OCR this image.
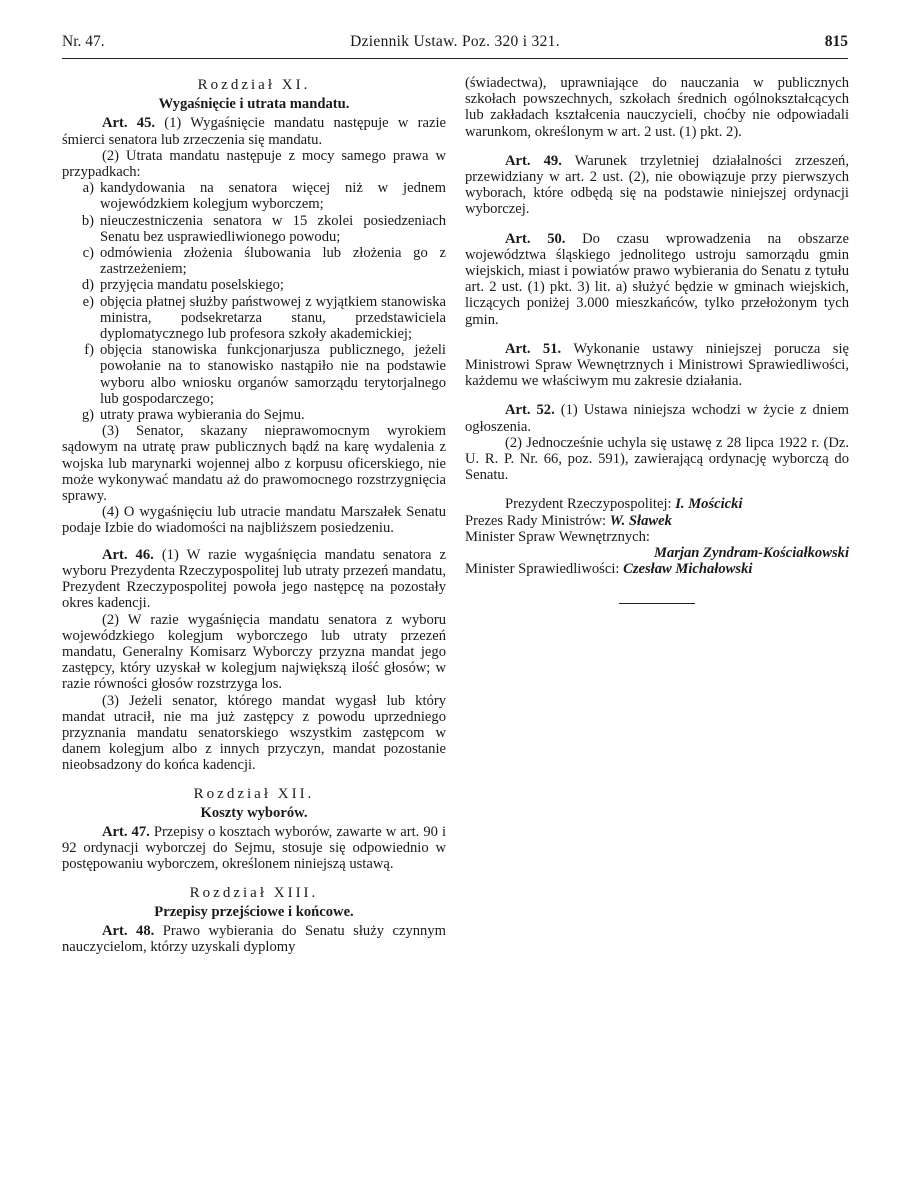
Nr. 47.	Dziennik Ustaw. Poz. 320 i 321.	815

Rozdział XI.

Wygaśnięcie i utrata mandatu.

Art. 45. (1) Wygaśnięcie mandatu następuje w razie śmierci senatora lub zrzeczenia się mandatu.

(2) Utrata mandatu następuje z mocy samego prawa w przypadkach:

a) kandydowania na senatora więcej niż w jednem wojewódzkiem kolegjum wyborczem;
b) nieuczestniczenia senatora w 15 zkolei posiedzeniach Senatu bez usprawiedliwionego powodu;
c) odmówienia złożenia ślubowania lub złożenia go z zastrzeżeniem;
d) przyjęcia mandatu poselskiego;
e) objęcia płatnej służby państwowej z wyjątkiem stanowiska ministra, podsekretarza stanu, przedstawiciela dyplomatycznego lub profesora szkoły akademickiej;
f) objęcia stanowiska funkcjonarjusza publicznego, jeżeli powołanie na to stanowisko nastąpiło nie na podstawie wyboru albo wniosku organów samorządu terytorjalnego lub gospodarczego;
g) utraty prawa wybierania do Sejmu.

(3) Senator, skazany nieprawomocnym wyrokiem sądowym na utratę praw publicznych bądź na karę wydalenia z wojska lub marynarki wojennej albo z korpusu oficerskiego, nie może wykonywać mandatu aż do prawomocnego rozstrzygnięcia sprawy.

(4) O wygaśnięciu lub utracie mandatu Marszałek Senatu podaje Izbie do wiadomości na najbliższem posiedzeniu.

Art. 46. (1) W razie wygaśnięcia mandatu senatora z wyboru Prezydenta Rzeczypospolitej lub utraty przezeń mandatu, Prezydent Rzeczypospolitej powoła jego następcę na pozostały okres kadencji.

(2) W razie wygaśnięcia mandatu senatora z wyboru wojewódzkiego kolegjum wyborczego lub utraty przezeń mandatu, Generalny Komisarz Wyborczy przyzna mandat jego zastępcy, który uzyskał w kolegjum największą ilość głosów; w razie równości głosów rozstrzyga los.

(3) Jeżeli senator, którego mandat wygasł lub który mandat utracił, nie ma już zastępcy z powodu uprzedniego przyznania mandatu senatorskiego wszystkim zastępcom w danem kolegjum albo z innych przyczyn, mandat pozostanie nieobsadzony do końca kadencji.

Rozdział XII.

Koszty wyborów.

Art. 47. Przepisy o kosztach wyborów, zawarte w art. 90 i 92 ordynacji wyborczej do Sejmu, stosuje się odpowiednio w postępowaniu wyborczem, określonem niniejszą ustawą.

Rozdział XIII.

Przepisy przejściowe i końcowe.

Art. 48. Prawo wybierania do Senatu służy czynnym nauczycielom, którzy uzyskali dyplomy

(świadectwa), uprawniające do nauczania w publicznych szkołach powszechnych, szkołach średnich ogólnokształcących lub zakładach kształcenia nauczycieli, choćby nie odpowiadali warunkom, określonym w art. 2 ust. (1) pkt. 2).

Art. 49. Warunek trzyletniej działalności zrzeszeń, przewidziany w art. 2 ust. (2), nie obowiązuje przy pierwszych wyborach, które odbędą się na podstawie niniejszej ordynacji wyborczej.

Art. 50. Do czasu wprowadzenia na obszarze województwa śląskiego jednolitego ustroju samorządu gmin wiejskich, miast i powiatów prawo wybierania do Senatu z tytułu art. 2 ust. (1) pkt. 3) lit. a) służyć będzie w gminach wiejskich, liczących poniżej 3.000 mieszkańców, tylko przełożonym tych gmin.

Art. 51. Wykonanie ustawy niniejszej porucza się Ministrowi Spraw Wewnętrznych i Ministrowi Sprawiedliwości, każdemu we właściwym mu zakresie działania.

Art. 52. (1) Ustawa niniejsza wchodzi w życie z dniem ogłoszenia.

(2) Jednocześnie uchyla się ustawę z 28 lipca 1922 r. (Dz. U. R. P. Nr. 66, poz. 591), zawierającą ordynację wyborczą do Senatu.

Prezydent Rzeczypospolitej: I. Mościcki

Prezes Rady Ministrów: W. Sławek

Minister Spraw Wewnętrznych:

Marjan Zyndram-Kościałkowski

Minister Sprawiedliwości: Czesław Michałowski
